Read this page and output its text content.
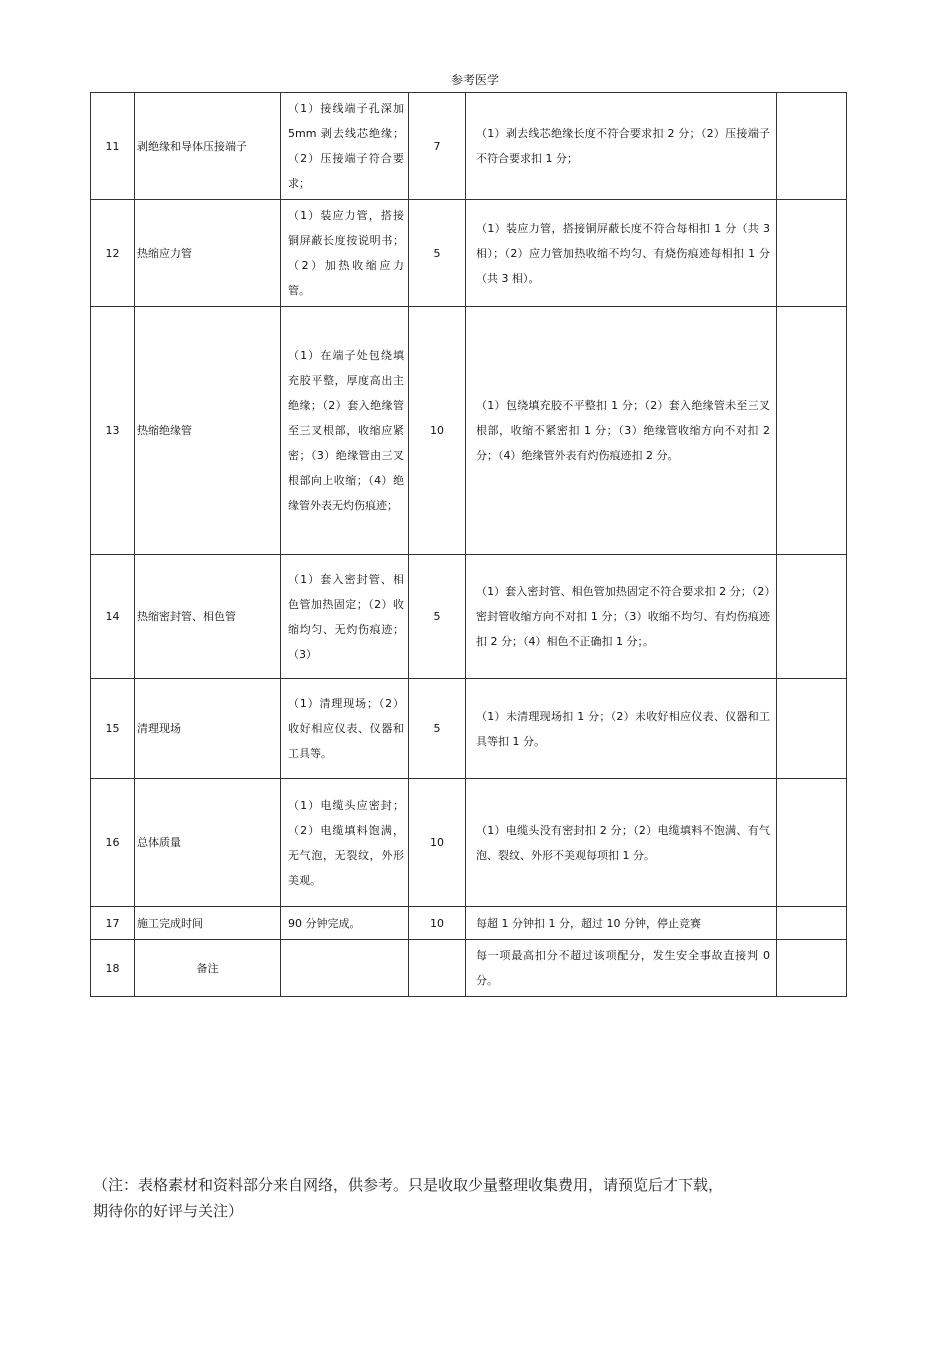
参考医学
11	剥绝缘和导体压接端子	（1）接线端子孔深加 5mm 剥去线芯绝缘；（2）压接端子符合要求；	7	（1）剥去线芯绝缘长度不符合要求扣 2 分；（2）压接端子不符合要求扣 1 分；	
12	热缩应力管	（1）装应力管，搭接铜屏蔽长度按说明书；（2）加热收缩应力管。	5	（1）装应力管，搭接铜屏蔽长度不符合每相扣 1 分（共 3 相）；（2）应力管加热收缩不均匀、有烧伤痕迹每相扣 1 分（共 3 相）。	
13	热缩绝缘管	（1）在端子处包绕填充胶平整，厚度高出主绝缘；（2）套入绝缘管至三叉根部，收缩应紧密；（3）绝缘管由三叉根部向上收缩；（4）绝缘管外表无灼伤痕迹；	10	（1）包绕填充胶不平整扣 1 分；（2）套入绝缘管未至三叉根部，收缩不紧密扣 1 分；（3）绝缘管收缩方向不对扣 2 分；（4）绝缘管外表有灼伤痕迹扣 2 分。	
14	热缩密封管、相色管	（1）套入密封管、相色管加热固定；（2）收缩均匀、无灼伤痕迹；（3）	5	（1）套入密封管、相色管加热固定不符合要求扣 2 分；（2）密封管收缩方向不对扣 1 分；（3）收缩不均匀、有灼伤痕迹扣 2 分；（4）相色不正确扣 1 分；。	
15	清理现场	（1）清理现场；（2）收好相应仪表、仪器和工具等。	5	（1）未清理现场扣 1 分；（2）未收好相应仪表、仪器和工具等扣 1 分。	
16	总体质量	（1）电缆头应密封；（2）电缆填料饱满，无气泡，无裂纹，外形美观。	10	（1）电缆头没有密封扣 2 分；（2）电缆填料不饱满、有气泡、裂纹、外形不美观每项扣 1 分。	
17	施工完成时间	90 分钟完成。	10	每超 1 分钟扣 1 分，超过 10 分钟，停止竞赛	
18	备注			每一项最高扣分不超过该项配分，发生安全事故直接判 0 分。	
（注：表格素材和资料部分来自网络，供参考。只是收取少量整理收集费用，请预览后才下载，
期待你的好评与关注）
